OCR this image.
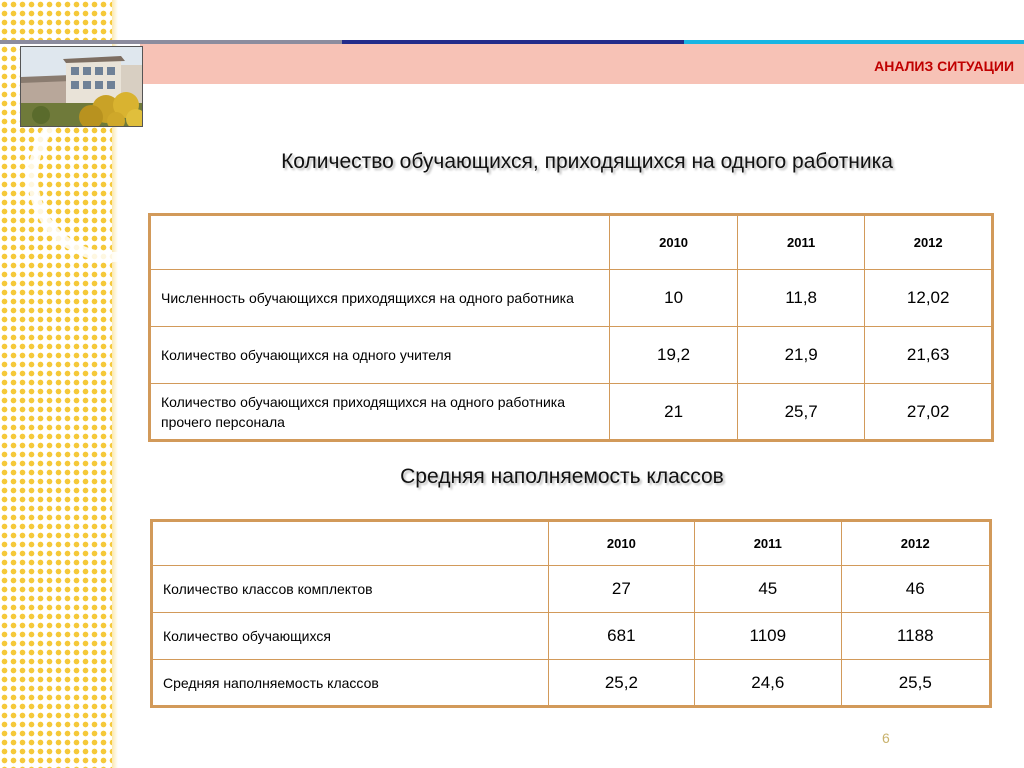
АНАЛИЗ СИТУАЦИИ
Количество обучающихся, приходящихся на одного работника
	2010	2011	2012
Численность обучающихся приходящихся на одного работника	10	11,8	12,02
Количество обучающихся на одного учителя	19,2	21,9	21,63
Количество обучающихся приходящихся на одного работника прочего персонала	21	25,7	27,02
Средняя наполняемость классов
	2010	2011	2012
Количество классов комплектов	27	45	46
Количество обучающихся	681	1109	1188
Средняя наполняемость классов	25,2	24,6	25,5
6
